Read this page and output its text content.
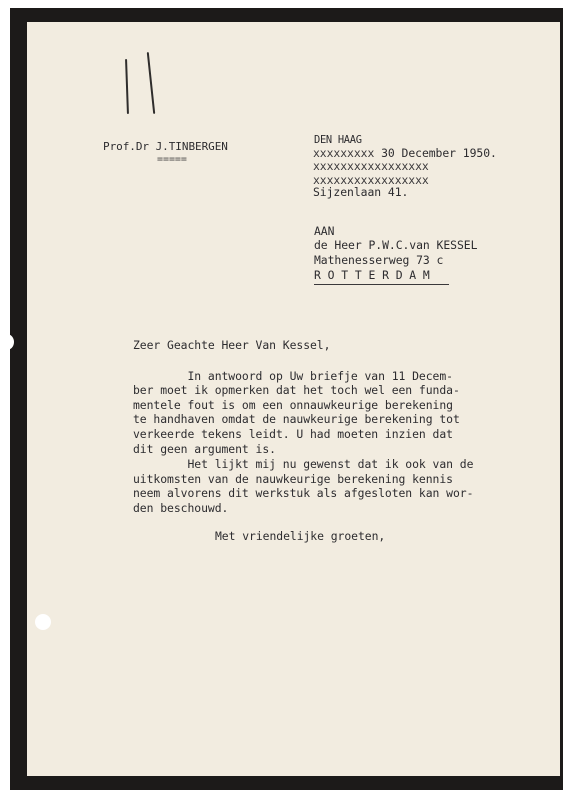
Prof.Dr J.TINBERGEN
=====
DEN HAAG
xxxxxxxxx 30 December 1950.
xxxxxxxxxxxxxxxxx
xxxxxxxxxxxxxxxxx
Sijzenlaan 41.
AAN
de Heer P.W.C.van KESSEL
Mathenesserweg 73 c
R O T T E R D A M
Zeer Geachte Heer Van Kessel,
In antwoord op Uw briefje van 11 Decem-
ber moet ik opmerken dat het toch wel een funda-
mentele fout is om een onnauwkeurige berekening
te handhaven omdat de nauwkeurige berekening tot
verkeerde tekens leidt. U had moeten inzien dat
dit geen argument is.
Het lijkt mij nu gewenst dat ik ook van de
uitkomsten van de nauwkeurige berekening kennis
neem alvorens dit werkstuk als afgesloten kan wor-
den beschouwd.
Met vriendelijke groeten,
